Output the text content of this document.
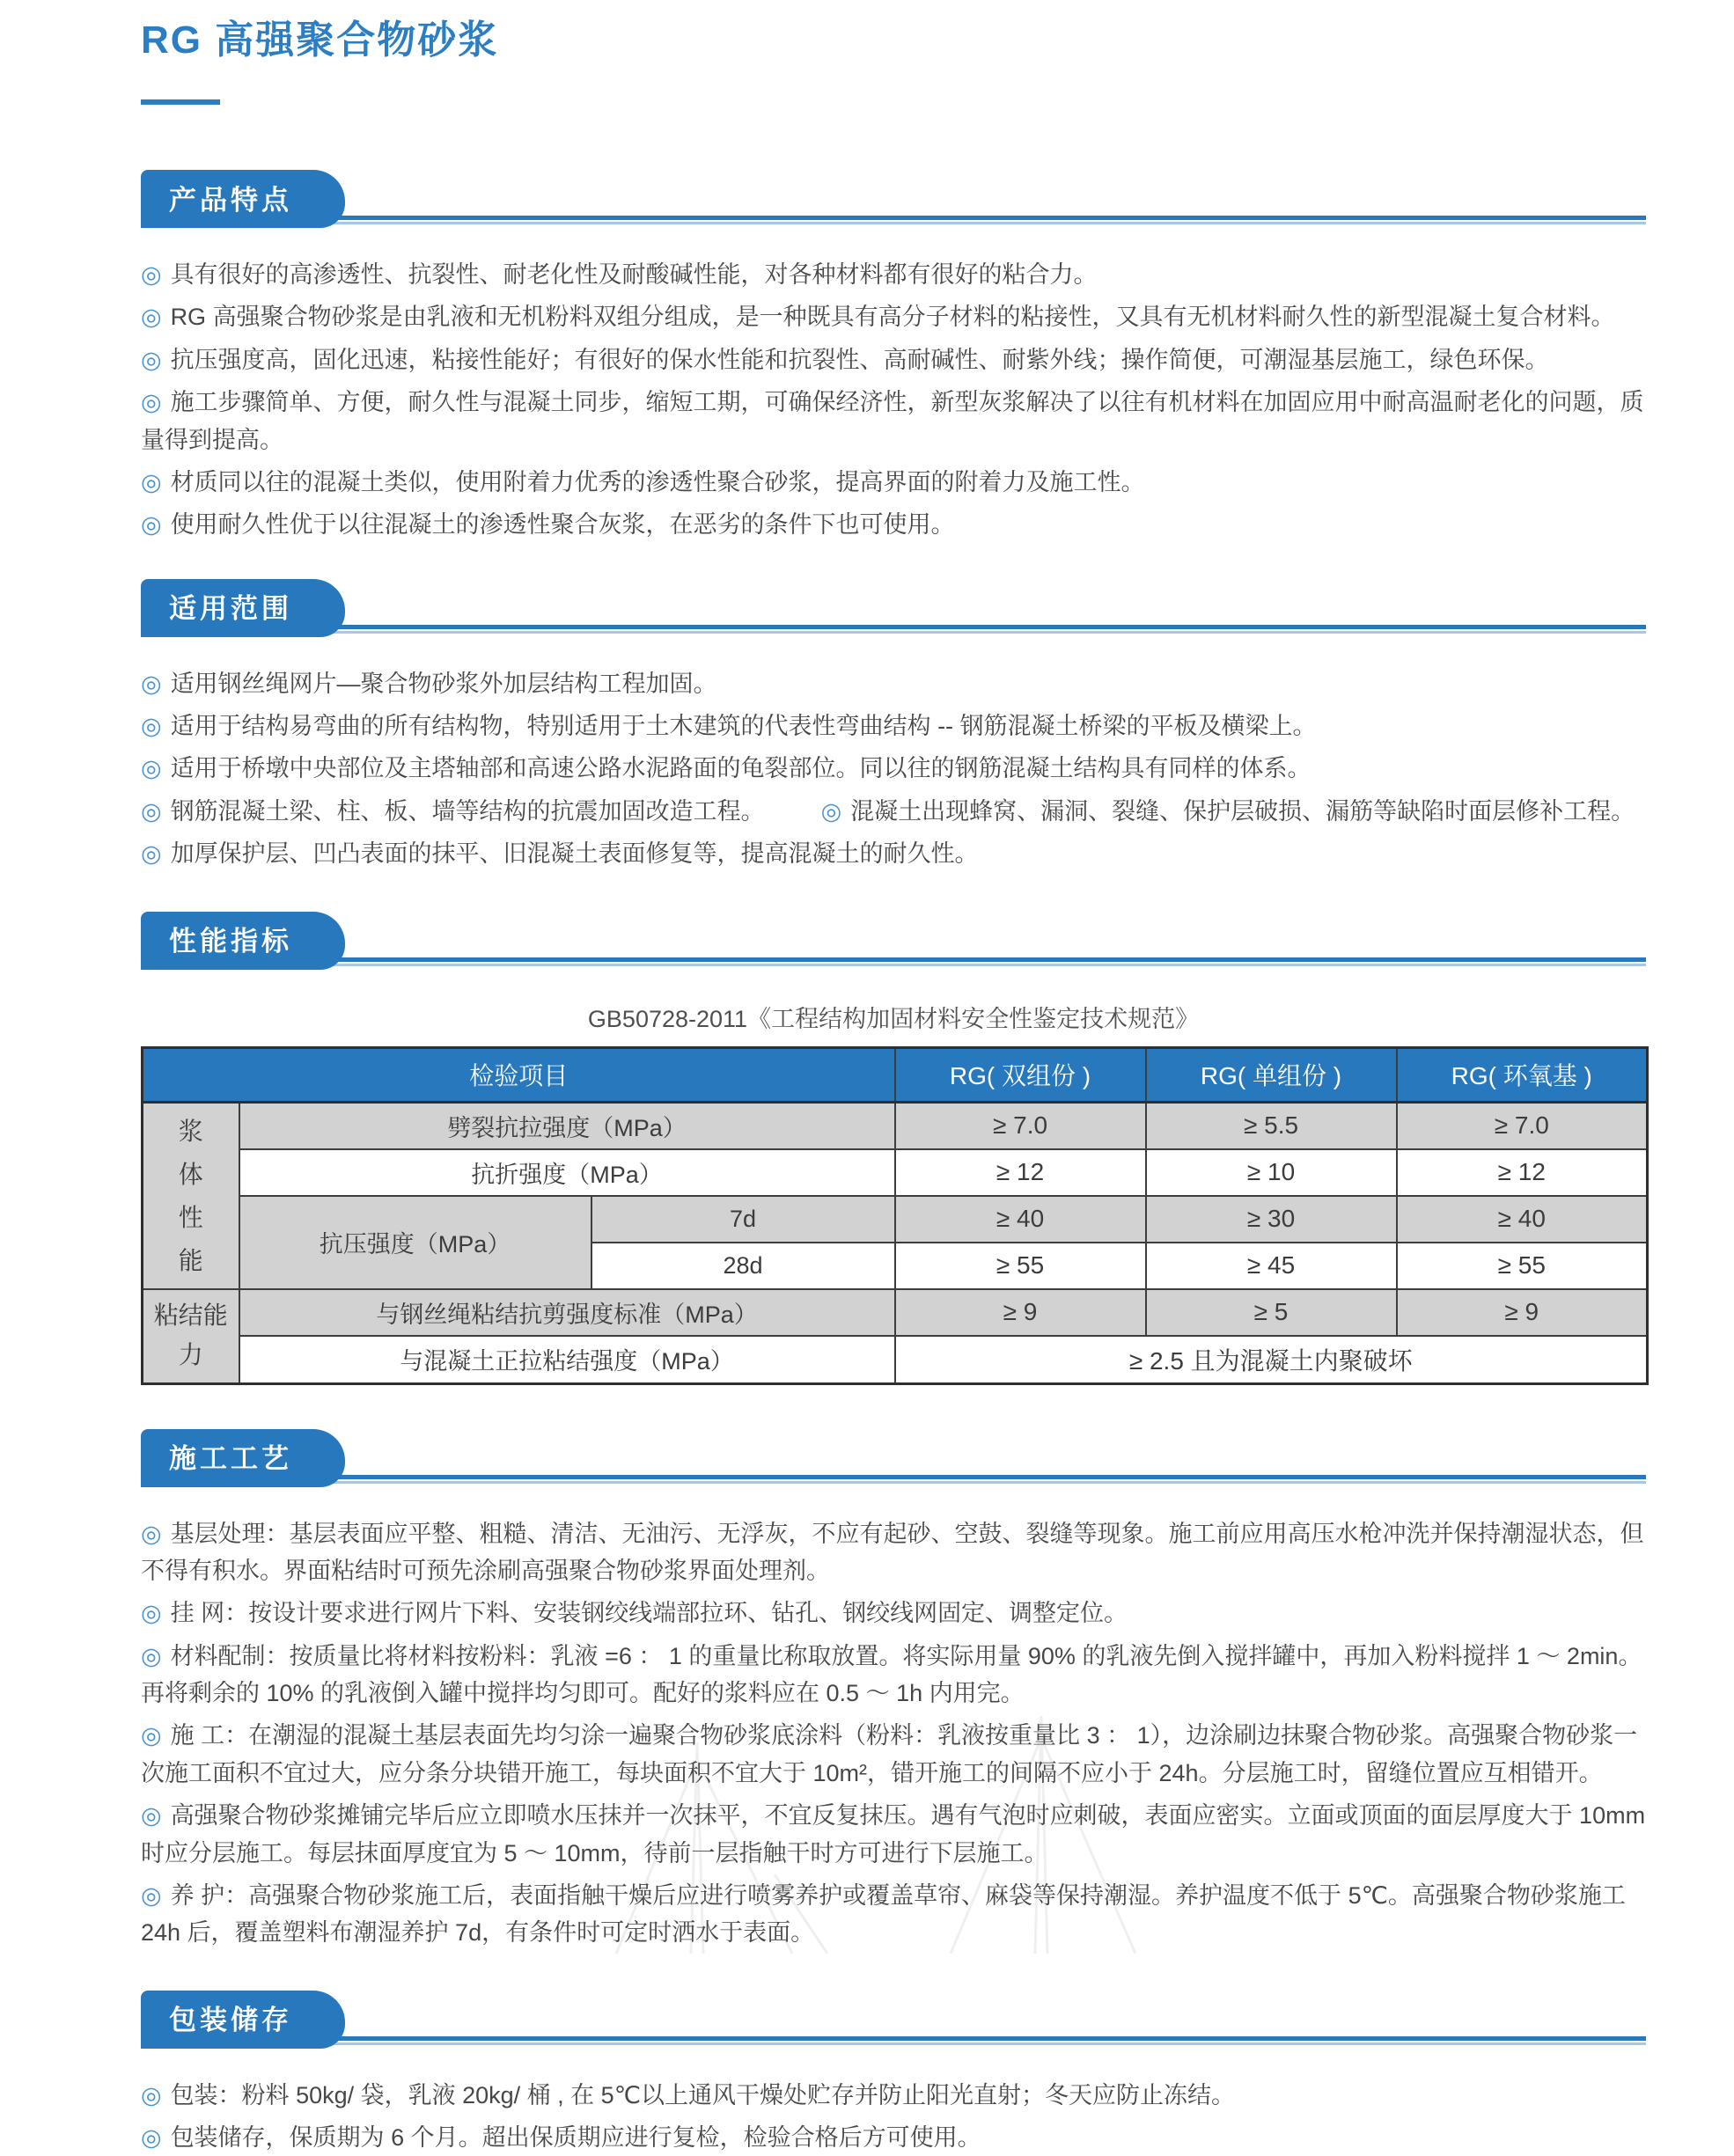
RG 高强聚合物砂浆
产品特点
◎ 具有很好的高渗透性、抗裂性、耐老化性及耐酸碱性能，对各种材料都有很好的粘合力。
◎ RG 高强聚合物砂浆是由乳液和无机粉料双组分组成，是一种既具有高分子材料的粘接性，又具有无机材料耐久性的新型混凝土复合材料。
◎ 抗压强度高，固化迅速，粘接性能好；有很好的保水性能和抗裂性、高耐碱性、耐紫外线；操作简便，可潮湿基层施工，绿色环保。
◎ 施工步骤简单、方便，耐久性与混凝土同步，缩短工期，可确保经济性，新型灰浆解决了以往有机材料在加固应用中耐高温耐老化的问题，质量得到提高。
◎ 材质同以往的混凝土类似，使用附着力优秀的渗透性聚合砂浆，提高界面的附着力及施工性。
◎ 使用耐久性优于以往混凝土的渗透性聚合灰浆，在恶劣的条件下也可使用。
适用范围
◎ 适用钢丝绳网片—聚合物砂浆外加层结构工程加固。
◎ 适用于结构易弯曲的所有结构物，特别适用于土木建筑的代表性弯曲结构 -- 钢筋混凝土桥梁的平板及横梁上。
◎ 适用于桥墩中央部位及主塔轴部和高速公路水泥路面的龟裂部位。同以往的钢筋混凝土结构具有同样的体系。
◎ 钢筋混凝土梁、柱、板、墙等结构的抗震加固改造工程。 ◎ 混凝土出现蜂窝、漏洞、裂缝、保护层破损、漏筋等缺陷时面层修补工程。
◎ 加厚保护层、凹凸表面的抹平、旧混凝土表面修复等，提高混凝土的耐久性。
性能指标
GB50728-2011《工程结构加固材料安全性鉴定技术规范》
检验项目			RG( 双组份 )	RG( 单组份 )	RG( 环氧基 )
浆体性能	劈裂抗拉强度（MPa）		≥ 7.0	≥ 5.5	≥ 7.0
	抗折强度（MPa）		≥ 12	≥ 10	≥ 12
	抗压强度（MPa）	7d	≥ 40	≥ 30	≥ 40
		28d	≥ 55	≥ 45	≥ 55
粘结能力	与钢丝绳粘结抗剪强度标准（MPa）		≥ 9	≥ 5	≥ 9
	与混凝土正拉粘结强度（MPa）		≥ 2.5 且为混凝土内聚破坏		
施工工艺
◎ 基层处理：基层表面应平整、粗糙、清洁、无油污、无浮灰，不应有起砂、空鼓、裂缝等现象。施工前应用高压水枪冲洗并保持潮湿状态，但不得有积水。界面粘结时可预先涂刷高强聚合物砂浆界面处理剂。
◎ 挂 网：按设计要求进行网片下料、安装钢绞线端部拉环、钻孔、钢绞线网固定、调整定位。
◎ 材料配制：按质量比将材料按粉料：乳液 =6 ： 1 的重量比称取放置。将实际用量 90% 的乳液先倒入搅拌罐中，再加入粉料搅拌 1 ～ 2min。再将剩余的 10% 的乳液倒入罐中搅拌均匀即可。配好的浆料应在 0.5 ～ 1h 内用完。
◎ 施 工：在潮湿的混凝土基层表面先均匀涂一遍聚合物砂浆底涂料（粉料：乳液按重量比 3 ： 1），边涂刷边抹聚合物砂浆。高强聚合物砂浆一次施工面积不宜过大，应分条分块错开施工，每块面积不宜大于 10m²，错开施工的间隔不应小于 24h。分层施工时，留缝位置应互相错开。
◎ 高强聚合物砂浆摊铺完毕后应立即喷水压抹并一次抹平，不宜反复抹压。遇有气泡时应刺破，表面应密实。立面或顶面的面层厚度大于 10mm 时应分层施工。每层抹面厚度宜为 5 ～ 10mm，待前一层指触干时方可进行下层施工。
◎ 养 护：高强聚合物砂浆施工后，表面指触干燥后应进行喷雾养护或覆盖草帘、麻袋等保持潮湿。养护温度不低于 5℃。高强聚合物砂浆施工 24h 后，覆盖塑料布潮湿养护 7d，有条件时可定时洒水于表面。
包装储存
◎ 包装：粉料 50kg/ 袋，乳液 20kg/ 桶 , 在 5℃以上通风干燥处贮存并防止阳光直射；冬天应防止冻结。
◎ 包装储存，保质期为 6 个月。超出保质期应进行复检，检验合格后方可使用。
